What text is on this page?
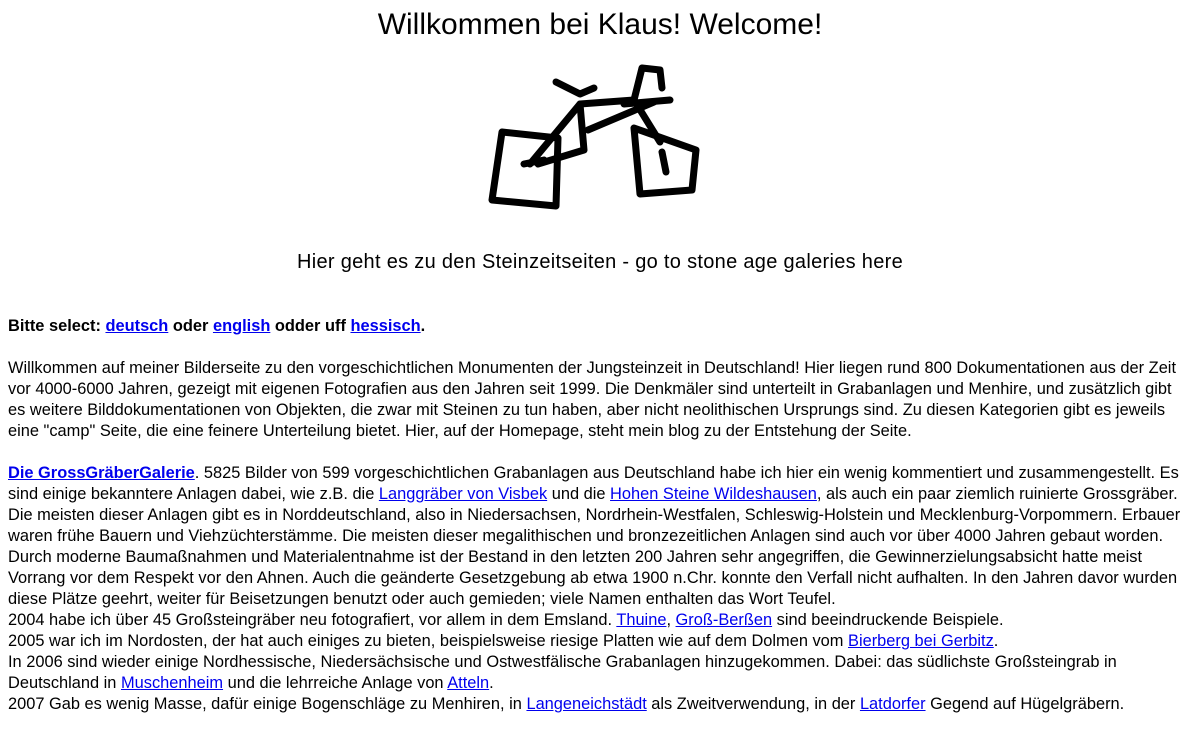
Willkommen bei Klaus! Welcome!
Hier geht es zu den Steinzeitseiten - go to stone age galeries here

Bitte select: deutsch oder english odder uff hessisch.

Willkommen auf meiner Bilderseite zu den vorgeschichtlichen Monumenten der Jungsteinzeit in Deutschland! Hier liegen rund 800 Dokumentationen aus der Zeit vor 4000-6000 Jahren, gezeigt mit eigenen Fotografien aus den Jahren seit 1999. Die Denkmäler sind unterteilt in Grabanlagen und Menhire, und zusätzlich gibt es weitere Bilddokumentationen von Objekten, die zwar mit Steinen zu tun haben, aber nicht neolithischen Ursprungs sind. Zu diesen Kategorien gibt es jeweils eine "camp" Seite, die eine feinere Unterteilung bietet. Hier, auf der Homepage, steht mein blog zu der Entstehung der Seite.

Die GrossGräberGalerie. 5825 Bilder von 599 vorgeschichtlichen Grabanlagen aus Deutschland habe ich hier ein wenig kommentiert und zusammengestellt. Es sind einige bekanntere Anlagen dabei, wie z.B. die Langgräber von Visbek und die Hohen Steine Wildeshausen, als auch ein paar ziemlich ruinierte Grossgräber. Die meisten dieser Anlagen gibt es in Norddeutschland, also in Niedersachsen, Nordrhein-Westfalen, Schleswig-Holstein und Mecklenburg-Vorpommern. Erbauer waren frühe Bauern und Viehzüchterstämme. Die meisten dieser megalithischen und bronzezeitlichen Anlagen sind auch vor über 4000 Jahren gebaut worden. Durch moderne Baumaßnahmen und Materialentnahme ist der Bestand in den letzten 200 Jahren sehr angegriffen, die Gewinnerzielungsabsicht hatte meist Vorrang vor dem Respekt vor den Ahnen. Auch die geänderte Gesetzgebung ab etwa 1900 n.Chr. konnte den Verfall nicht aufhalten. In den Jahren davor wurden diese Plätze geehrt, weiter für Beisetzungen benutzt oder auch gemieden; viele Namen enthalten das Wort Teufel.

2004 habe ich über 45 Großsteingräber neu fotografiert, vor allem in dem Emsland. Thuine, Groß-Berßen sind beeindruckende Beispiele.

2005 war ich im Nordosten, der hat auch einiges zu bieten, beispielsweise riesige Platten wie auf dem Dolmen vom Bierberg bei Gerbitz.

In 2006 sind wieder einige Nordhessische, Niedersächsische und Ostwestfälische Grabanlagen hinzugekommen. Dabei: das südlichste Großsteingrab in Deutschland in Muschenheim und die lehrreiche Anlage von Atteln.

2007 Gab es wenig Masse, dafür einige Bogenschläge zu Menhiren, in Langeneichstädt als Zweitverwendung, in der Latdorfer Gegend auf Hügelgräbern.
